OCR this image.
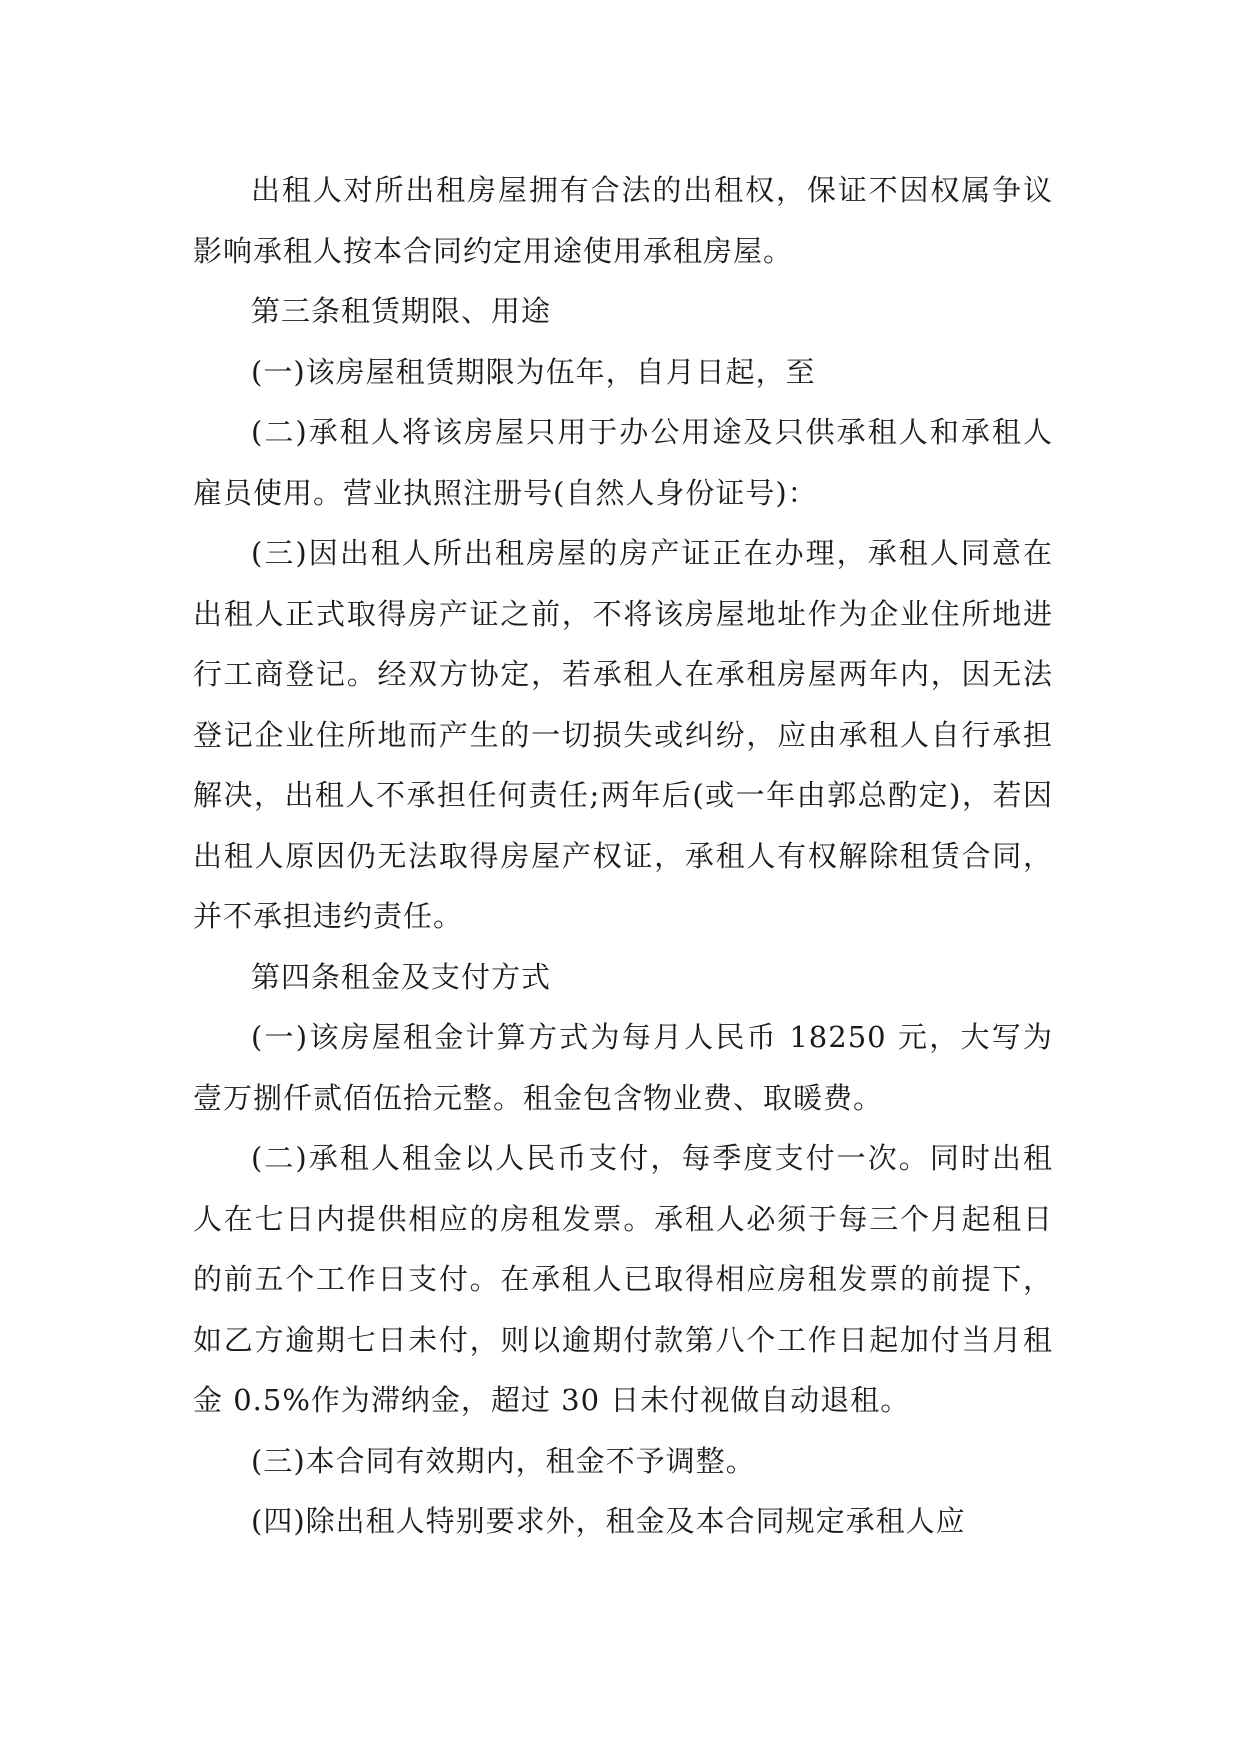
出租人对所出租房屋拥有合法的出租权，保证不因权属争议影响承租人按本合同约定用途使用承租房屋。

第三条租赁期限、用途

(一)该房屋租赁期限为伍年，自月日起，至

(二)承租人将该房屋只用于办公用途及只供承租人和承租人雇员使用。营业执照注册号(自然人身份证号)：

(三)因出租人所出租房屋的房产证正在办理，承租人同意在出租人正式取得房产证之前，不将该房屋地址作为企业住所地进行工商登记。经双方协定，若承租人在承租房屋两年内，因无法登记企业住所地而产生的一切损失或纠纷，应由承租人自行承担解决，出租人不承担任何责任;两年后(或一年由郭总酌定)，若因出租人原因仍无法取得房屋产权证，承租人有权解除租赁合同，并不承担违约责任。

第四条租金及支付方式

(一)该房屋租金计算方式为每月人民币 18250 元，大写为壹万捌仟贰佰伍拾元整。租金包含物业费、取暖费。

(二)承租人租金以人民币支付，每季度支付一次。同时出租人在七日内提供相应的房租发票。承租人必须于每三个月起租日的前五个工作日支付。在承租人已取得相应房租发票的前提下，如乙方逾期七日未付，则以逾期付款第八个工作日起加付当月租金 0.5%作为滞纳金，超过 30 日未付视做自动退租。

(三)本合同有效期内，租金不予调整。

(四)除出租人特别要求外，租金及本合同规定承租人应
